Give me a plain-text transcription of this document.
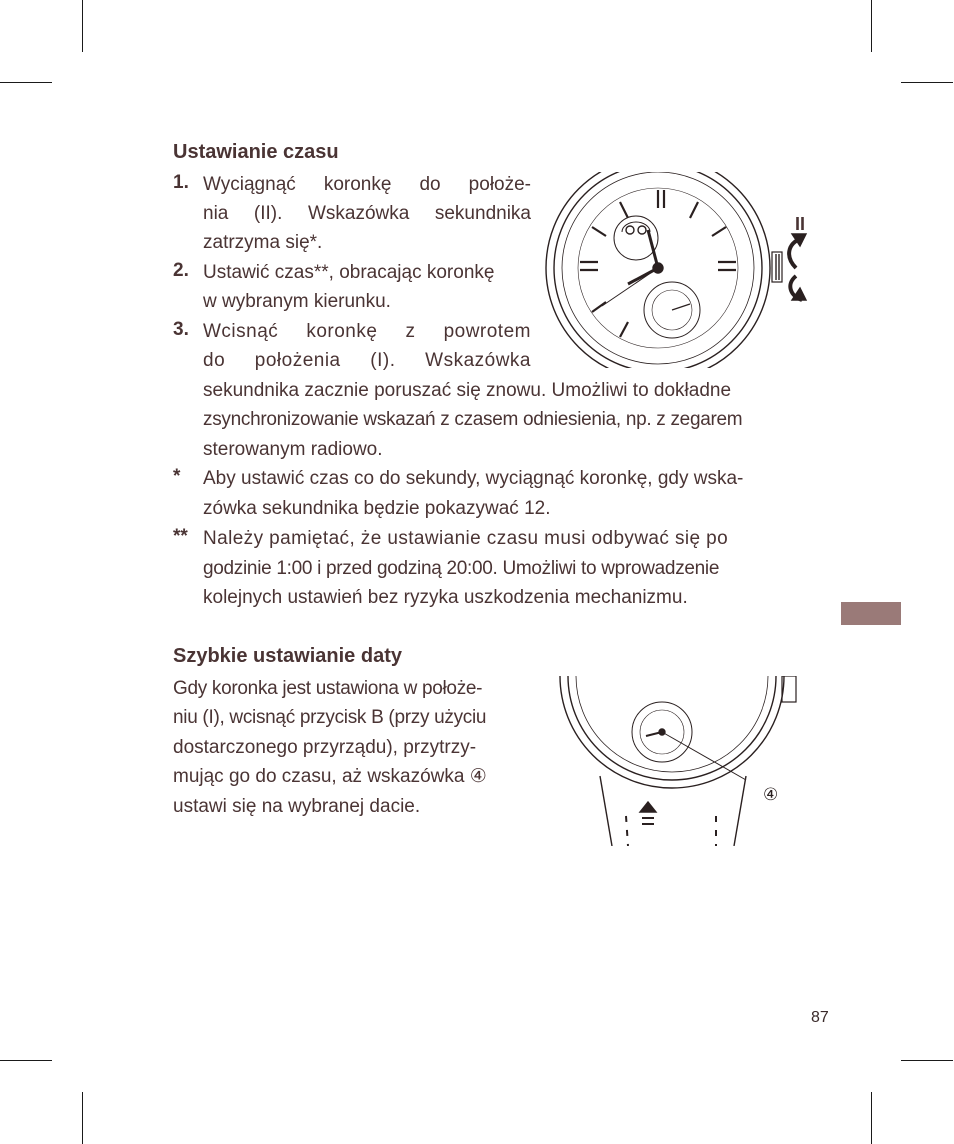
Ustawianie czasu
1. Wyciągnąć koronkę do położe-
nia (II). Wskazówka sekundnika
zatrzyma się*.
2. Ustawić czas**, obracając koronkę
w wybranym kierunku.
3. Wcisnąć koronkę z powrotem
do położenia (I). Wskazówka
sekundnika zacznie poruszać się znowu. Umożliwi to dokładne
zsynchronizowanie wskazań z czasem odniesienia, np. z zegarem
sterowanym radiowo.
* Aby ustawić czas co do sekundy, wyciągnąć koronkę, gdy wska-
zówka sekundnika będzie pokazywać 12.
** Należy pamiętać, że ustawianie czasu musi odbywać się po
godzinie 1:00 i przed godziną 20:00. Umożliwi to wprowadzenie
kolejnych ustawień bez ryzyka uszkodzenia mechanizmu.
II
Szybkie ustawianie daty
Gdy koronka jest ustawiona w położe-
niu (I), wcisnąć przycisk B (przy użyciu
dostarczonego przyrządu), przytrzy-
mując go do czasu, aż wskazówka ④
ustawi się na wybranej dacie.
④
87
